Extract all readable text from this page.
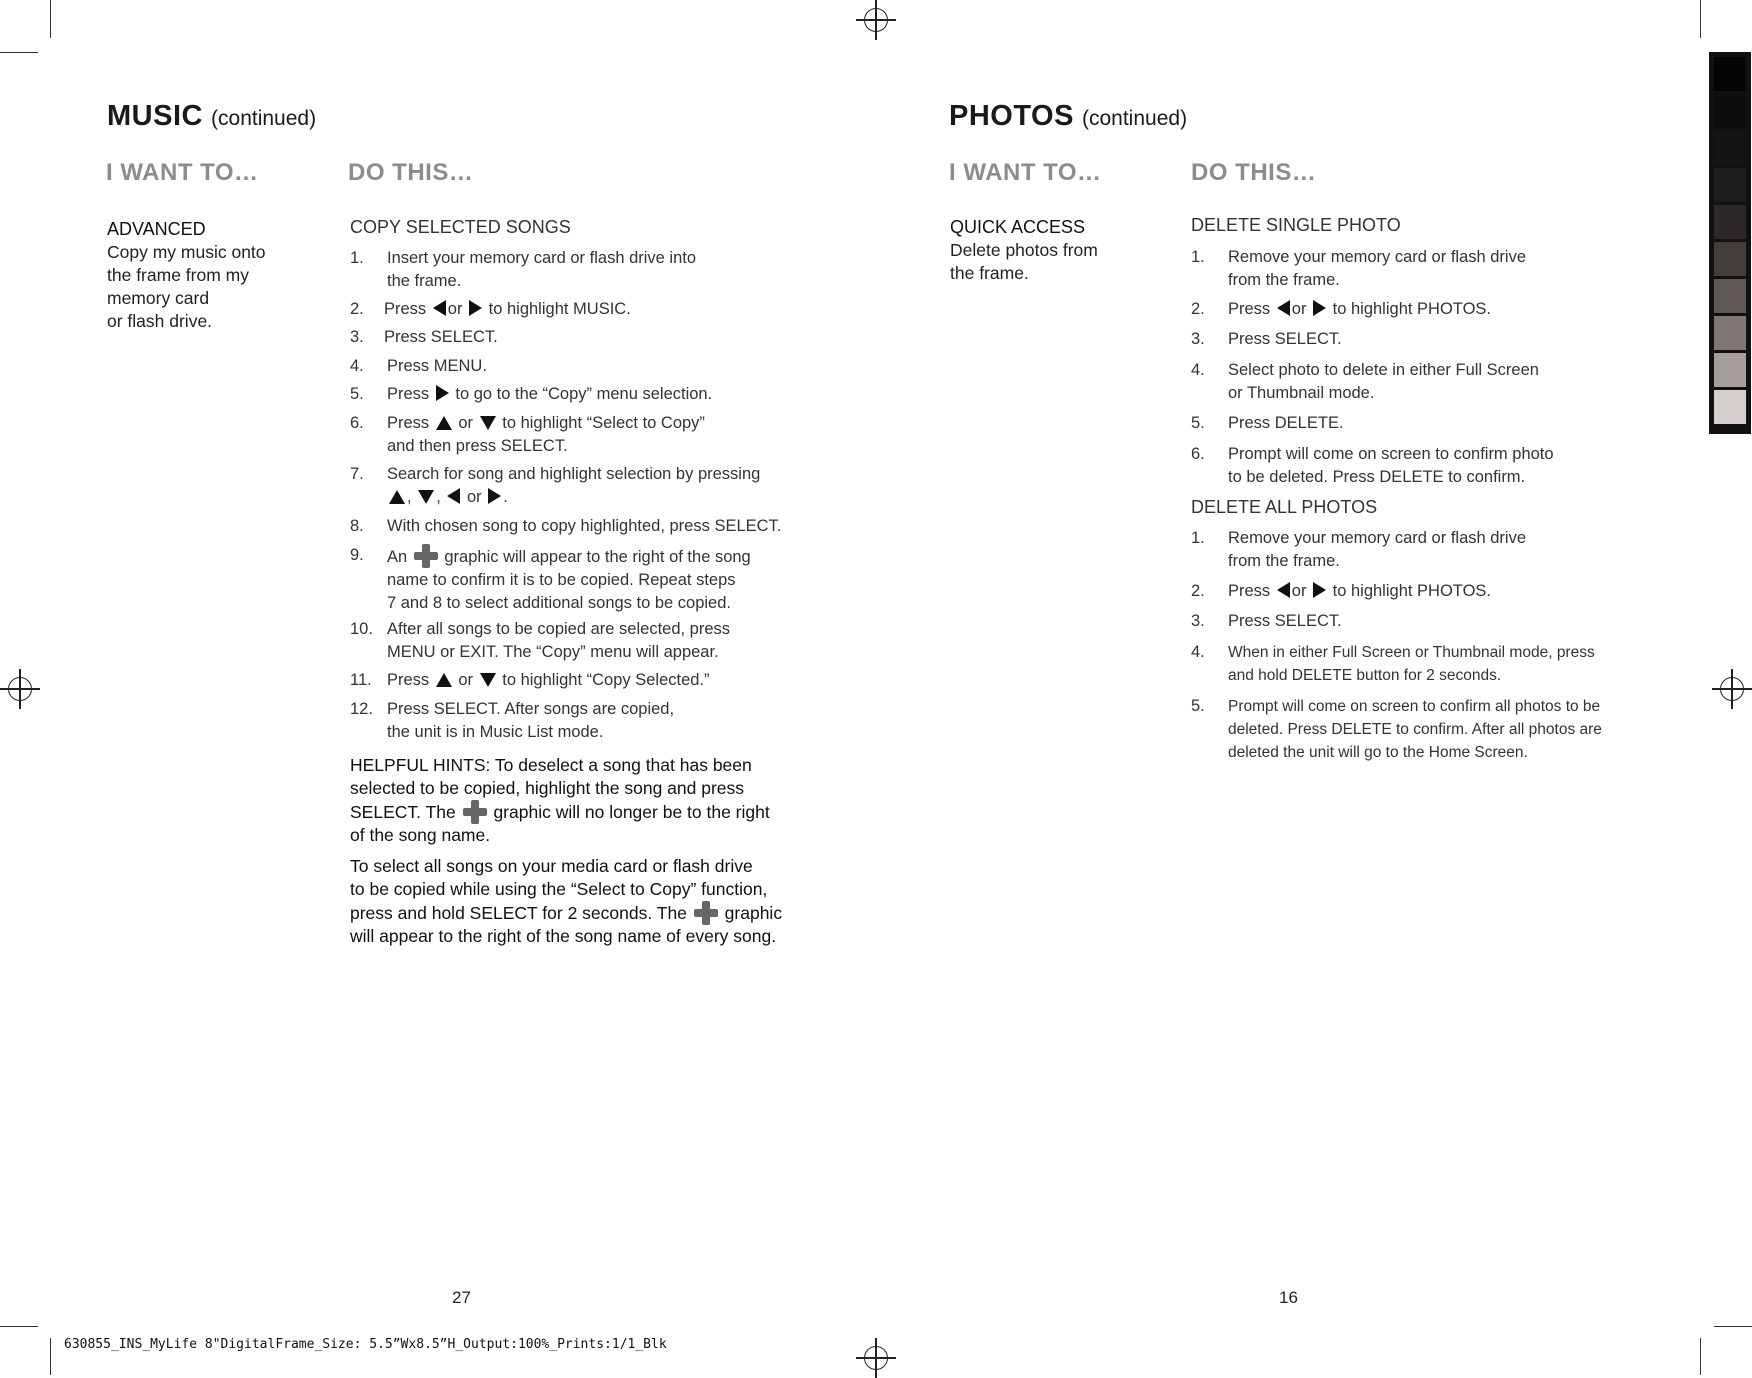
MUSIC (continued)
I WANT TO…	DO THIS…
ADVANCED
Copy my music onto
the frame from my
memory card
or flash drive.
COPY SELECTED SONGS
1. Insert your memory card or flash drive into
the frame.
2. Press or to highlight MUSIC.
3. Press SELECT.
4. Press MENU.
5. Press to go to the “Copy” menu selection.
6. Press or to highlight “Select to Copy”
and then press SELECT.
7. Search for song and highlight selection by pressing
, , or .
8. With chosen song to copy highlighted, press SELECT.
9. An graphic will appear to the right of the song
name to confirm it is to be copied. Repeat steps
7 and 8 to select additional songs to be copied.
10. After all songs to be copied are selected, press
MENU or EXIT. The “Copy” menu will appear.
11. Press or to highlight “Copy Selected.”
12. Press SELECT. After songs are copied,
the unit is in Music List mode.
HELPFUL HINTS: To deselect a song that has been
selected to be copied, highlight the song and press
SELECT. The graphic will no longer be to the right
of the song name.
To select all songs on your media card or flash drive
to be copied while using the “Select to Copy” function,
press and hold SELECT for 2 seconds. The graphic
will appear to the right of the song name of every song.
27
PHOTOS (continued)
I WANT TO…	DO THIS…
QUICK ACCESS
Delete photos from
the frame.
DELETE SINGLE PHOTO
1. Remove your memory card or flash drive
from the frame.
2. Press or to highlight PHOTOS.
3. Press SELECT.
4. Select photo to delete in either Full Screen
or Thumbnail mode.
5. Press DELETE.
6. Prompt will come on screen to confirm photo
to be deleted. Press DELETE to confirm.
DELETE ALL PHOTOS
1. Remove your memory card or flash drive
from the frame.
2. Press or to highlight PHOTOS.
3. Press SELECT.
4. When in either Full Screen or Thumbnail mode, press
and hold DELETE button for 2 seconds.
5. Prompt will come on screen to confirm all photos to be
deleted. Press DELETE to confirm. After all photos are
deleted the unit will go to the Home Screen.
16
630855_INS_MyLife 8"DigitalFrame_Size: 5.5”Wx8.5”H_Output:100%_Prints:1/1_Blk
